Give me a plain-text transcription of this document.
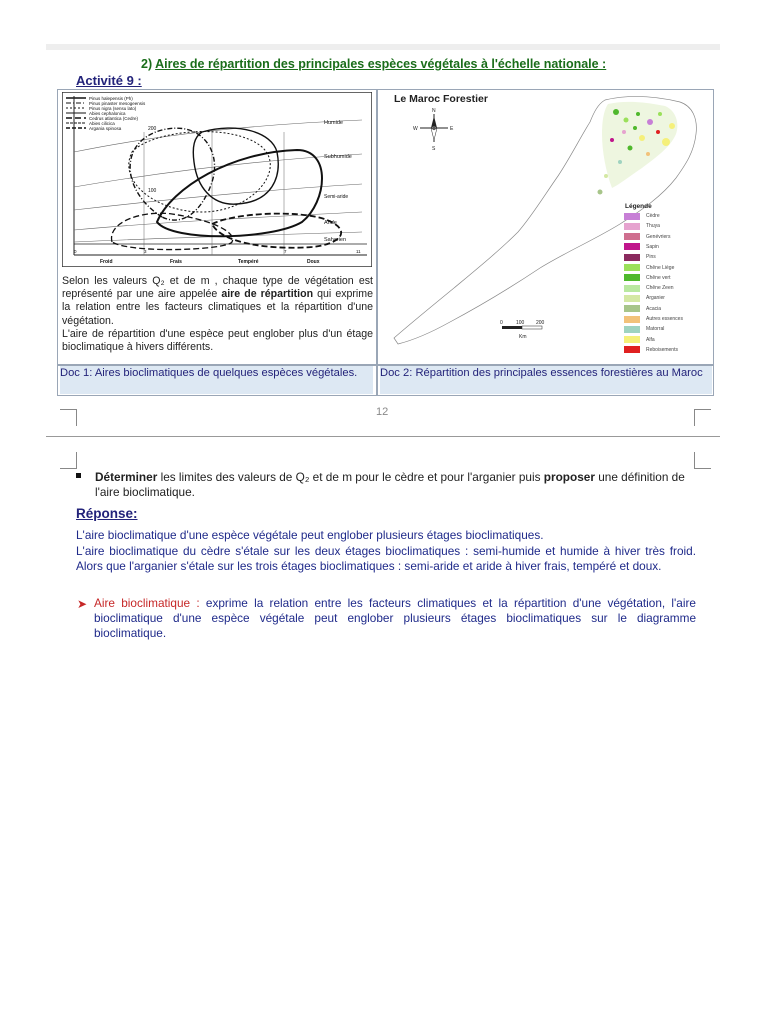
2) Aires de répartition des principales espèces végétales à l'échelle nationale :
Activité 9 :
Pinus halepensis (Ph)
Pinus pinaster mesogeensis
Pinus nigra (sensu lato)
Abies cephalonica
Cedrus atlantica (Cedre)
Abies cilicica
Argania spinosa
Humide
Subhumide
Semi-aride
Aride
Saharien
200
100
0	3	7	11
Froid	Frais	Tempéré	Doux
Selon les valeurs Q₂ et de m , chaque type de végétation est représenté par une aire appelée aire de répartition qui exprime la relation entre les facteurs climatiques et la répartition d'une végétation.
L'aire de répartition d'une espèce peut englober plus d'un étage bioclimatique à hivers différents.
N
S
E
W
0	100 200
Km
Le Maroc Forestier
Légende
Cèdre
Thuya
Genévriers
Sapin
Pins
Chêne Liège
Chêne vert
Chêne Zeen
Arganier
Acacia
Autres essences
Matorral
Alfa
Reboisements
Doc 1: Aires bioclimatiques de quelques espèces végétales.	Doc 2: Répartition des principales essences forestières au Maroc
12
Déterminer les limites des valeurs de Q₂ et de m pour le cèdre et pour l'arganier puis proposer une définition de l'aire bioclimatique.
Réponse:
L'aire bioclimatique d'une espèce végétale peut englober plusieurs étages bioclimatiques.
L'aire bioclimatique du cèdre s'étale sur les deux étages bioclimatiques : semi-humide et humide à hiver très froid. Alors que l'arganier s'étale sur les trois étages bioclimatiques : semi-aride et aride à hiver frais, tempéré et doux.
➤ Aire bioclimatique : exprime la relation entre les facteurs climatiques et la répartition d'une végétation, l'aire bioclimatique d'une espèce végétale peut englober plusieurs étages bioclimatiques sur le diagramme bioclimatique.
